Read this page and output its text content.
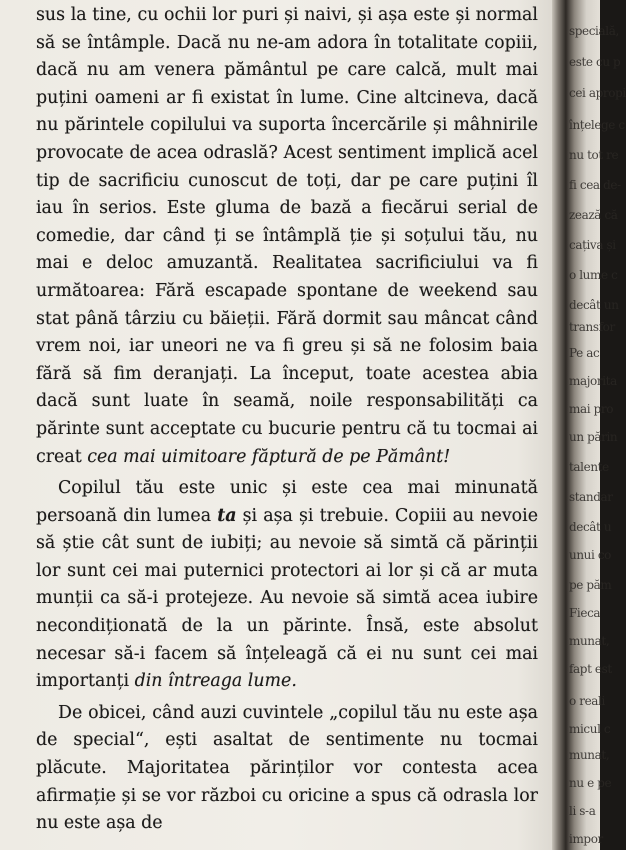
sus la tine, cu ochii lor puri și naivi, și așa este și normal să se întâmple. Dacă nu ne-am adora în totalitate copiii, dacă nu am venera pământul pe care calcă, mult mai puțini oameni ar fi existat în lume. Cine altcineva, dacă nu părintele copilului va suporta încercările și mâhnirile provocate de acea odraslă? Acest sentiment implică acel tip de sacrificiu cunoscut de toți, dar pe care puțini îl iau în serios. Este gluma de bază a fiecărui serial de comedie, dar când ți se întâmplă ție și soțului tău, nu mai e deloc amuzantă. Realitatea sacrificiului va fi următoarea: Fără escapade spontane de weekend sau stat până târziu cu băieții. Fără dormit sau mâncat când vrem noi, iar uneori ne va fi greu și să ne folosim baia fără să fim deranjați. La început, toate acestea abia dacă sunt luate în seamă, noile responsabilități ca părinte sunt acceptate cu bucurie pentru că tu tocmai ai creat cea mai uimitoare făptură de pe Pământ!

Copilul tău este unic și este cea mai minunată persoană din lumea ta și așa și trebuie. Copiii au nevoie să știe cât sunt de iubiți; au nevoie să simtă că părinții lor sunt cei mai puternici protectori ai lor și că ar muta munții ca să-i protejeze. Au nevoie să simtă acea iubire necondiționată de la un părinte. Însă, este absolut necesar să-i facem să înțeleagă că ei nu sunt cei mai importanți din întreaga lume.

De obicei, când auzi cuvintele „copilul tău nu este așa de special“, ești asaltat de sentimente nu tocmai plăcute. Majoritatea părinților vor contesta acea afirmație și se vor război cu oricine a spus că odrasla lor nu este așa de

specială,
este cu p
cei apropi
înțelege c
nu tot re
fi cea de-
zează că
cațiva și
o lume c
decât un
transfor
Pe ac
majorita
mai pro
un părin
talente
standar
decât u
unui co
pe păm
Fieca
munat,
fapt est
o reali
micul c
munat,
nu e pe
li s-a
impor
